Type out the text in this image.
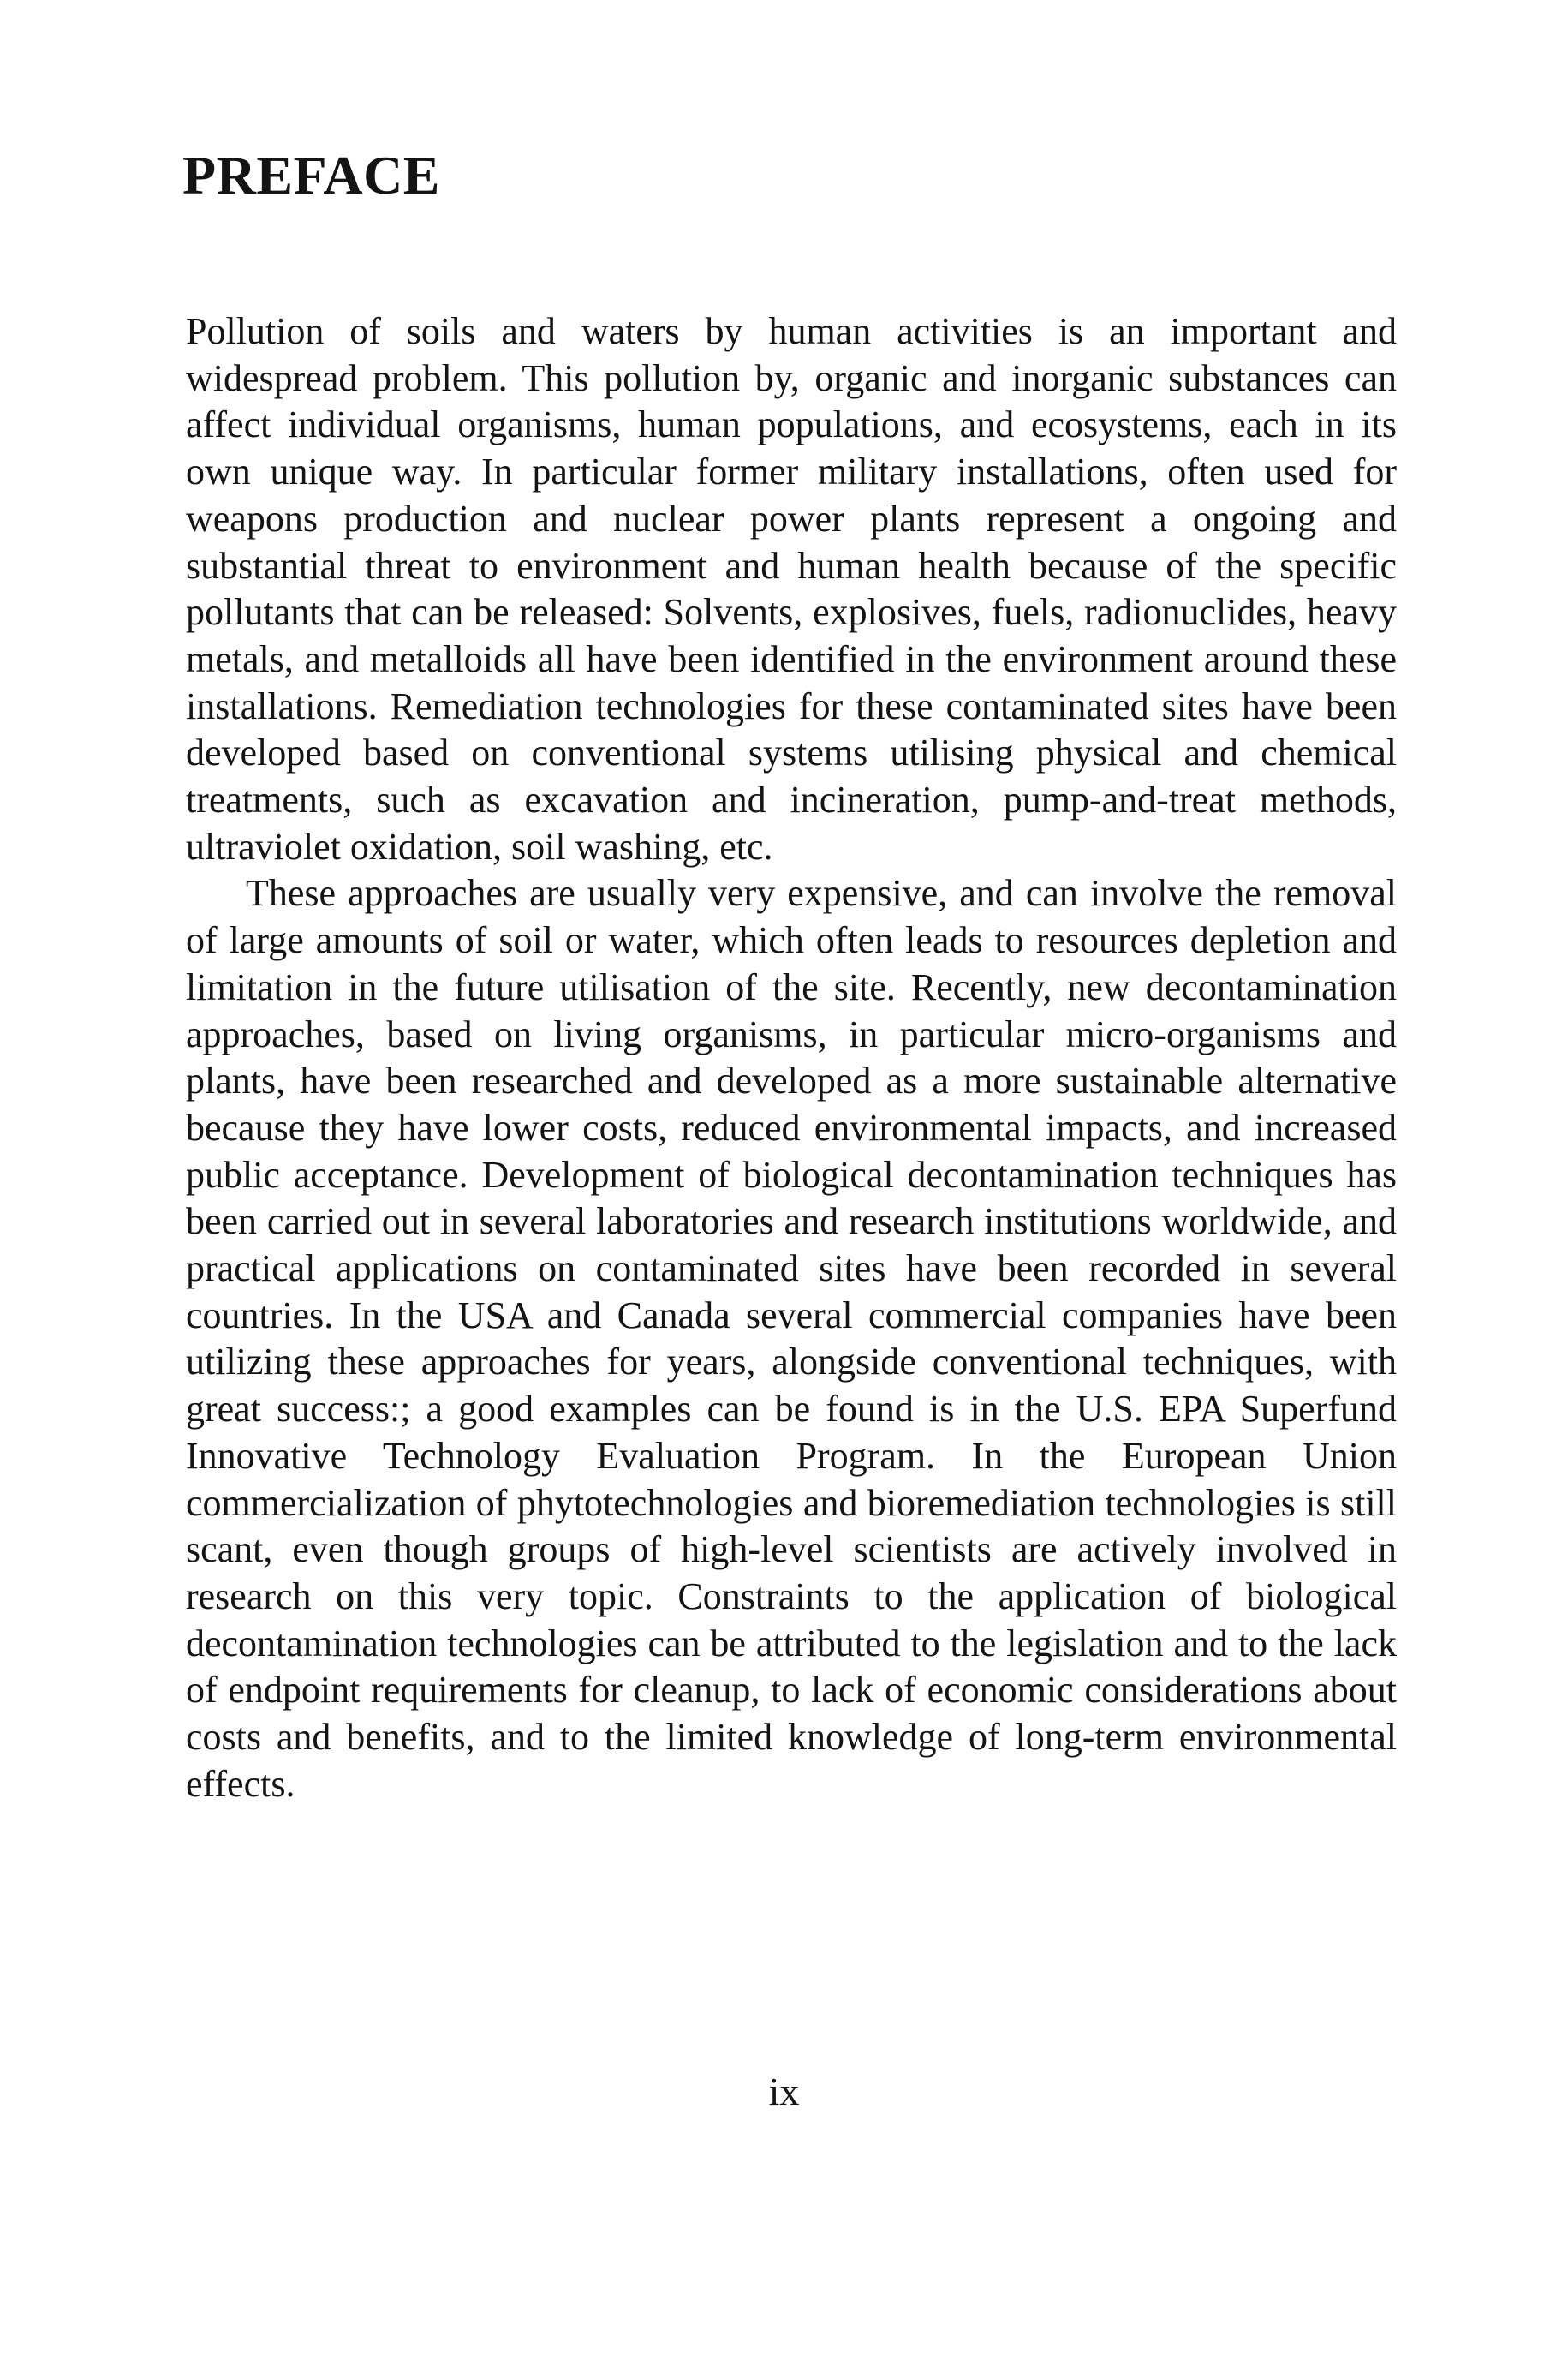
PREFACE

Pollution of soils and waters by human activities is an important and widespread problem. This pollution by, organic and inorganic substances can affect individual organisms, human populations, and ecosystems, each in its own unique way. In particular former military installations, often used for weapons production and nuclear power plants represent a ongoing and substantial threat to environment and human health because of the specific pollutants that can be released: Solvents, explosives, fuels, radionuclides, heavy metals, and metalloids all have been identified in the environment around these installations. Remediation technologies for these contaminated sites have been developed based on conventional systems utilising physical and chemical treatments, such as excavation and incineration, pump-and-treat methods, ultraviolet oxidation, soil washing, etc.

These approaches are usually very expensive, and can involve the removal of large amounts of soil or water, which often leads to resources depletion and limitation in the future utilisation of the site. Recently, new decontamination approaches, based on living organisms, in particular micro-organisms and plants, have been researched and developed as a more sustainable alternative because they have lower costs, reduced environmental impacts, and increased public acceptance. Development of biological decontamination techniques has been carried out in several laboratories and research institutions worldwide, and practical applications on contaminated sites have been recorded in several countries. In the USA and Canada several commercial companies have been utilizing these approaches for years, alongside conventional techniques, with great success:; a good examples can be found is in the U.S. EPA Superfund Innovative Technology Evaluation Program. In the European Union commercialization of phytotechnologies and bioremediation technologies is still scant, even though groups of high-level scientists are actively involved in research on this very topic. Constraints to the application of biological decontamination technologies can be attributed to the legislation and to the lack of endpoint requirements for cleanup, to lack of economic considerations about costs and benefits, and to the limited knowledge of long-term environmental effects.

ix
